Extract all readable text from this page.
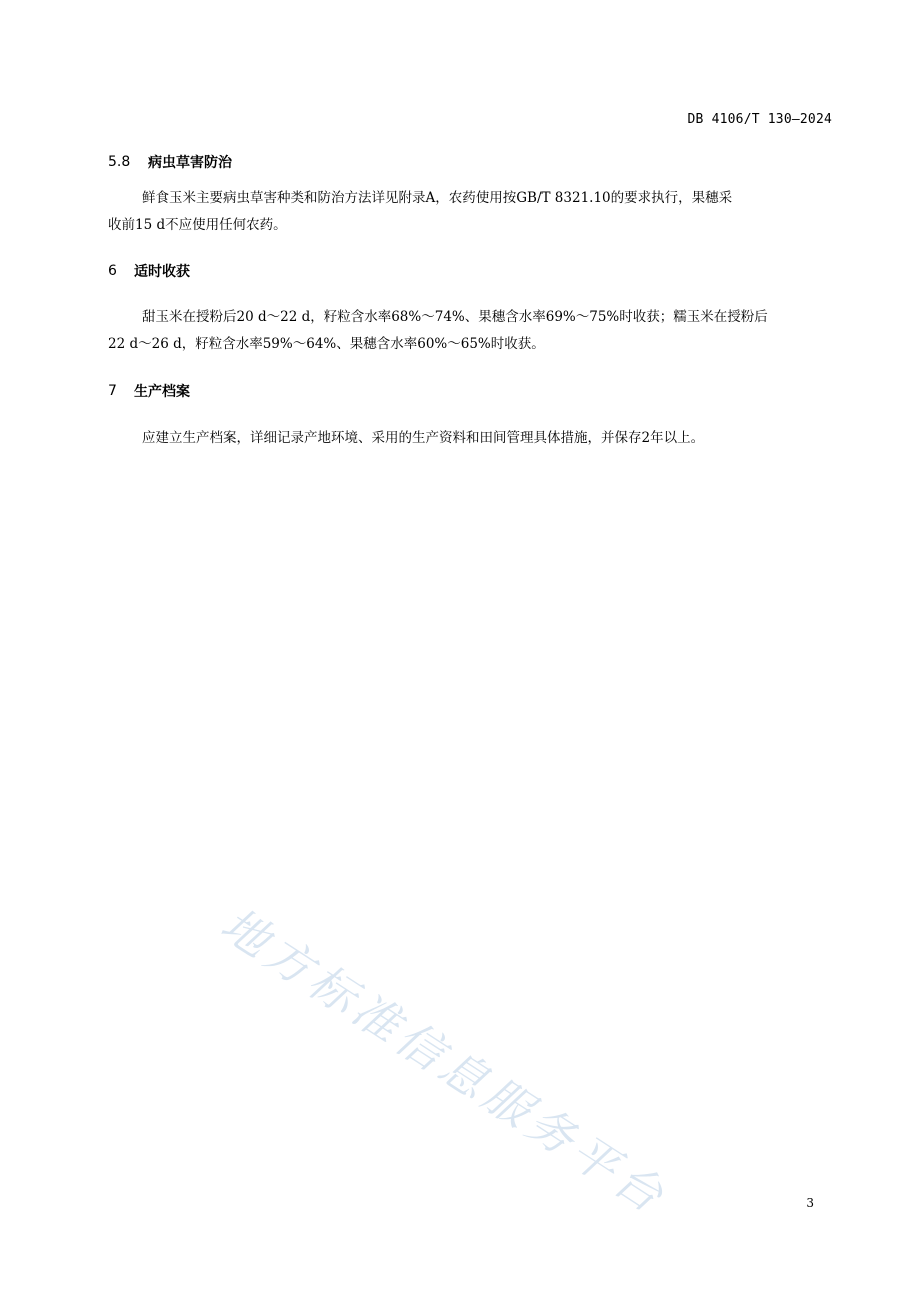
DB 4106/T 130—2024
5.8	病虫草害防治
鲜食玉米主要病虫草害种类和防治方法详见附录A，农药使用按GB/T 8321.10的要求执行，果穗采
收前15 d不应使用任何农药。
6	适时收获
甜玉米在授粉后20 d～22 d，籽粒含水率68%～74%、果穗含水率69%～75%时收获；糯玉米在授粉后
22 d～26 d，籽粒含水率59%～64%、果穗含水率60%～65%时收获。
7	生产档案
应建立生产档案，详细记录产地环境、采用的生产资料和田间管理具体措施，并保存2年以上。
地方标准信息服务平台	3
